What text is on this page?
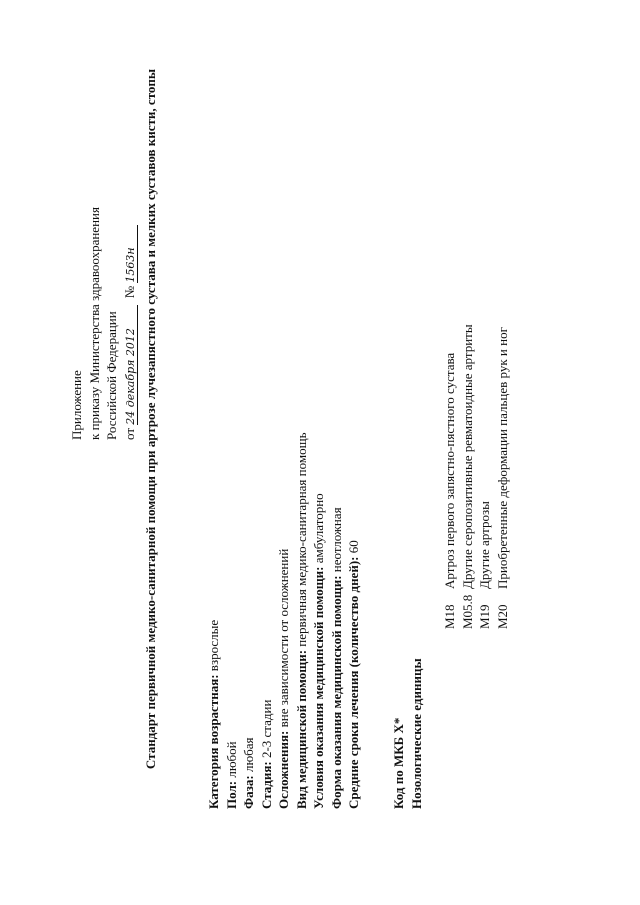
Приложение к приказу Министерства здравоохранения Российской Федерации от 24 декабря 2012  № 1563н Стандарт первичной медико-санитарной помощи при артрозе лучезапястного сустава и мелких суставов кисти, стопы	Категория возрастная: взрослые
Пол: любой
Фаза: любая
Стадия: 2-3 стадии
Осложнения: вне зависимости от осложнений
Вид медицинской помощи: первичная медико-санитарная помощь
Условия оказания медицинской помощи: амбулаторно
Форма оказания медицинской помощи: неотложная
Средние сроки лечения (количество дней): 60
Код по МКБ X* Нозологические единицы
M18
Артроз первого запястно-пястного сустава
M05.8
Другие серопозитивные ревматоидные артриты
M19
Другие артрозы
M20
Приобретенные деформации пальцев рук и ног
